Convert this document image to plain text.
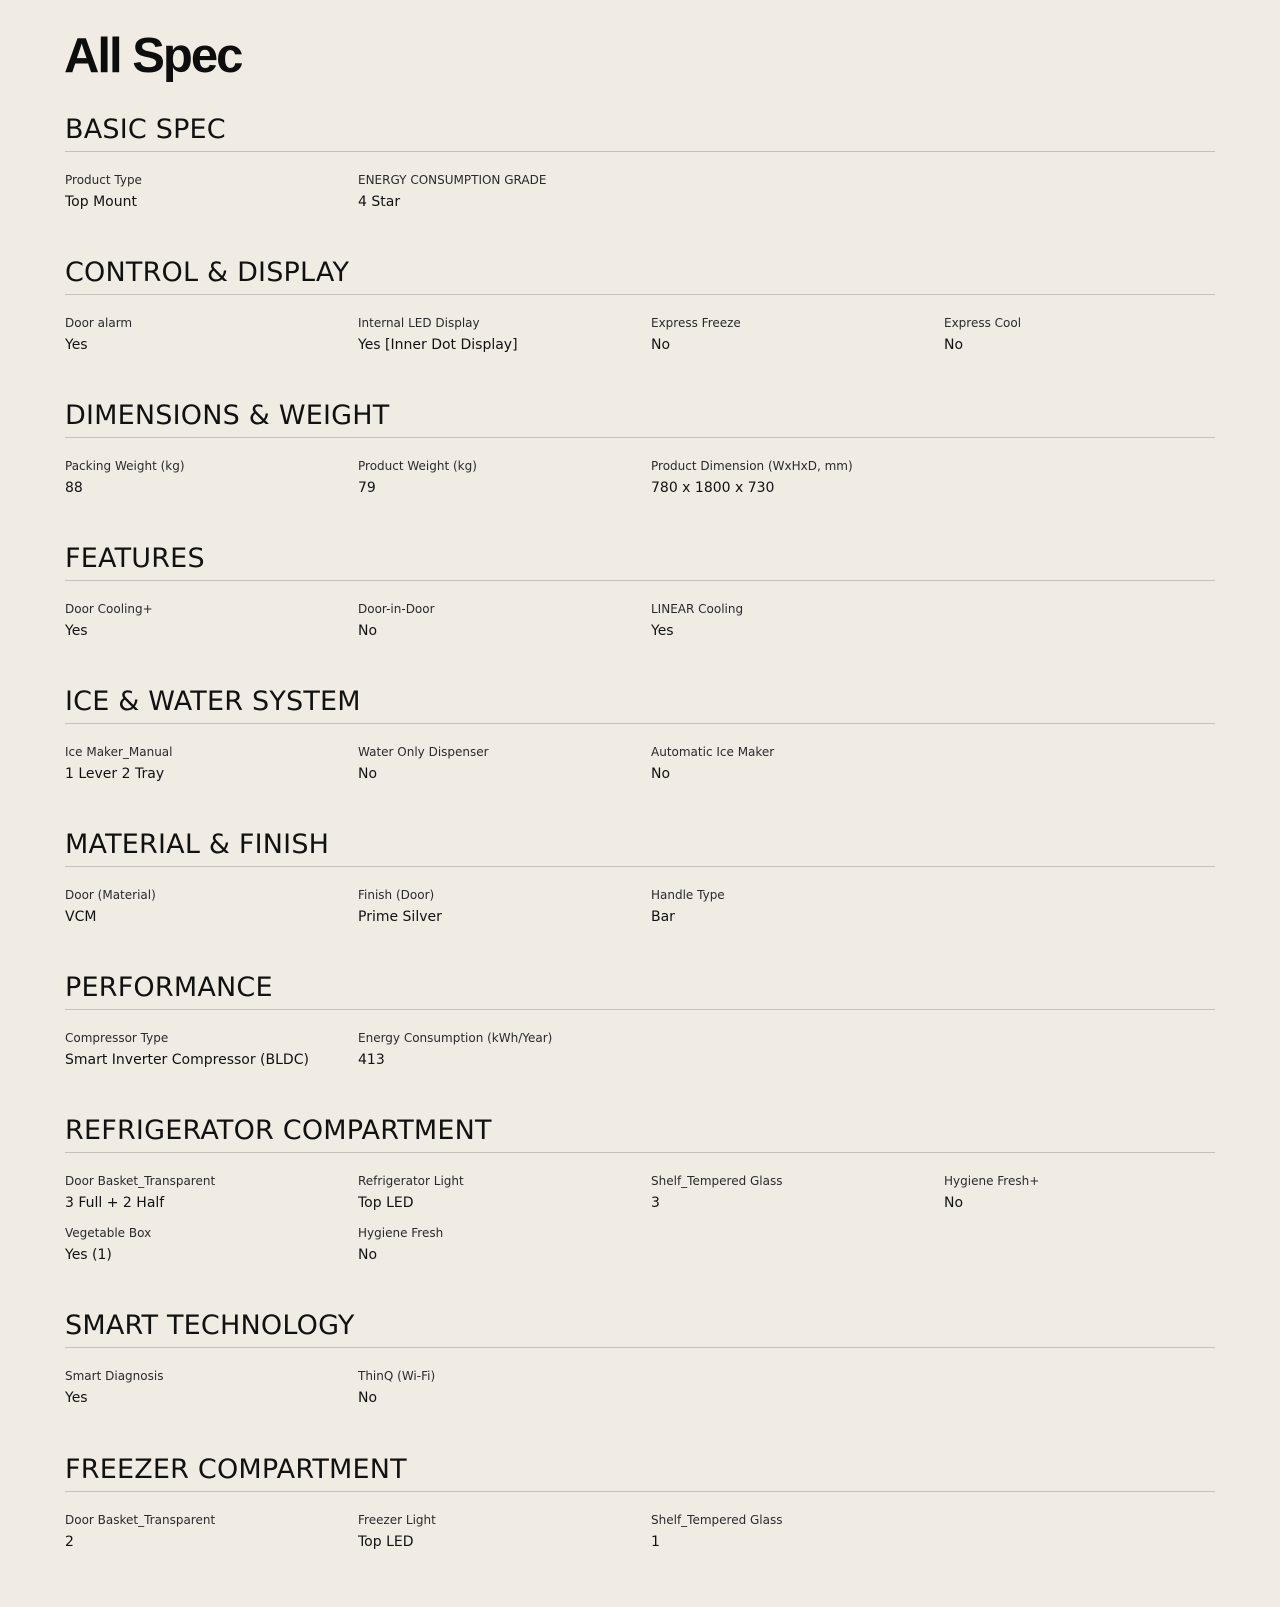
All Spec
BASIC SPEC
Product Type
Top Mount
ENERGY CONSUMPTION GRADE
4 Star
CONTROL & DISPLAY
Door alarm
Yes
Internal LED Display
Yes [Inner Dot Display]
Express Freeze
No
Express Cool
No
DIMENSIONS & WEIGHT
Packing Weight (kg)
88
Product Weight (kg)
79
Product Dimension (WxHxD, mm)
780 x 1800 x 730
FEATURES
Door Cooling+
Yes
Door-in-Door
No
LINEAR Cooling
Yes
ICE & WATER SYSTEM
Ice Maker_Manual
1 Lever 2 Tray
Water Only Dispenser
No
Automatic Ice Maker
No
MATERIAL & FINISH
Door (Material)
VCM
Finish (Door)
Prime Silver
Handle Type
Bar
PERFORMANCE
Compressor Type
Smart Inverter Compressor (BLDC)
Energy Consumption (kWh/Year)
413
REFRIGERATOR COMPARTMENT
Door Basket_Transparent
3 Full + 2 Half
Refrigerator Light
Top LED
Shelf_Tempered Glass
3
Hygiene Fresh+
No
Vegetable Box
Yes (1)
Hygiene Fresh
No
SMART TECHNOLOGY
Smart Diagnosis
Yes
ThinQ (Wi-Fi)
No
FREEZER COMPARTMENT
Door Basket_Transparent
2
Freezer Light
Top LED
Shelf_Tempered Glass
1
